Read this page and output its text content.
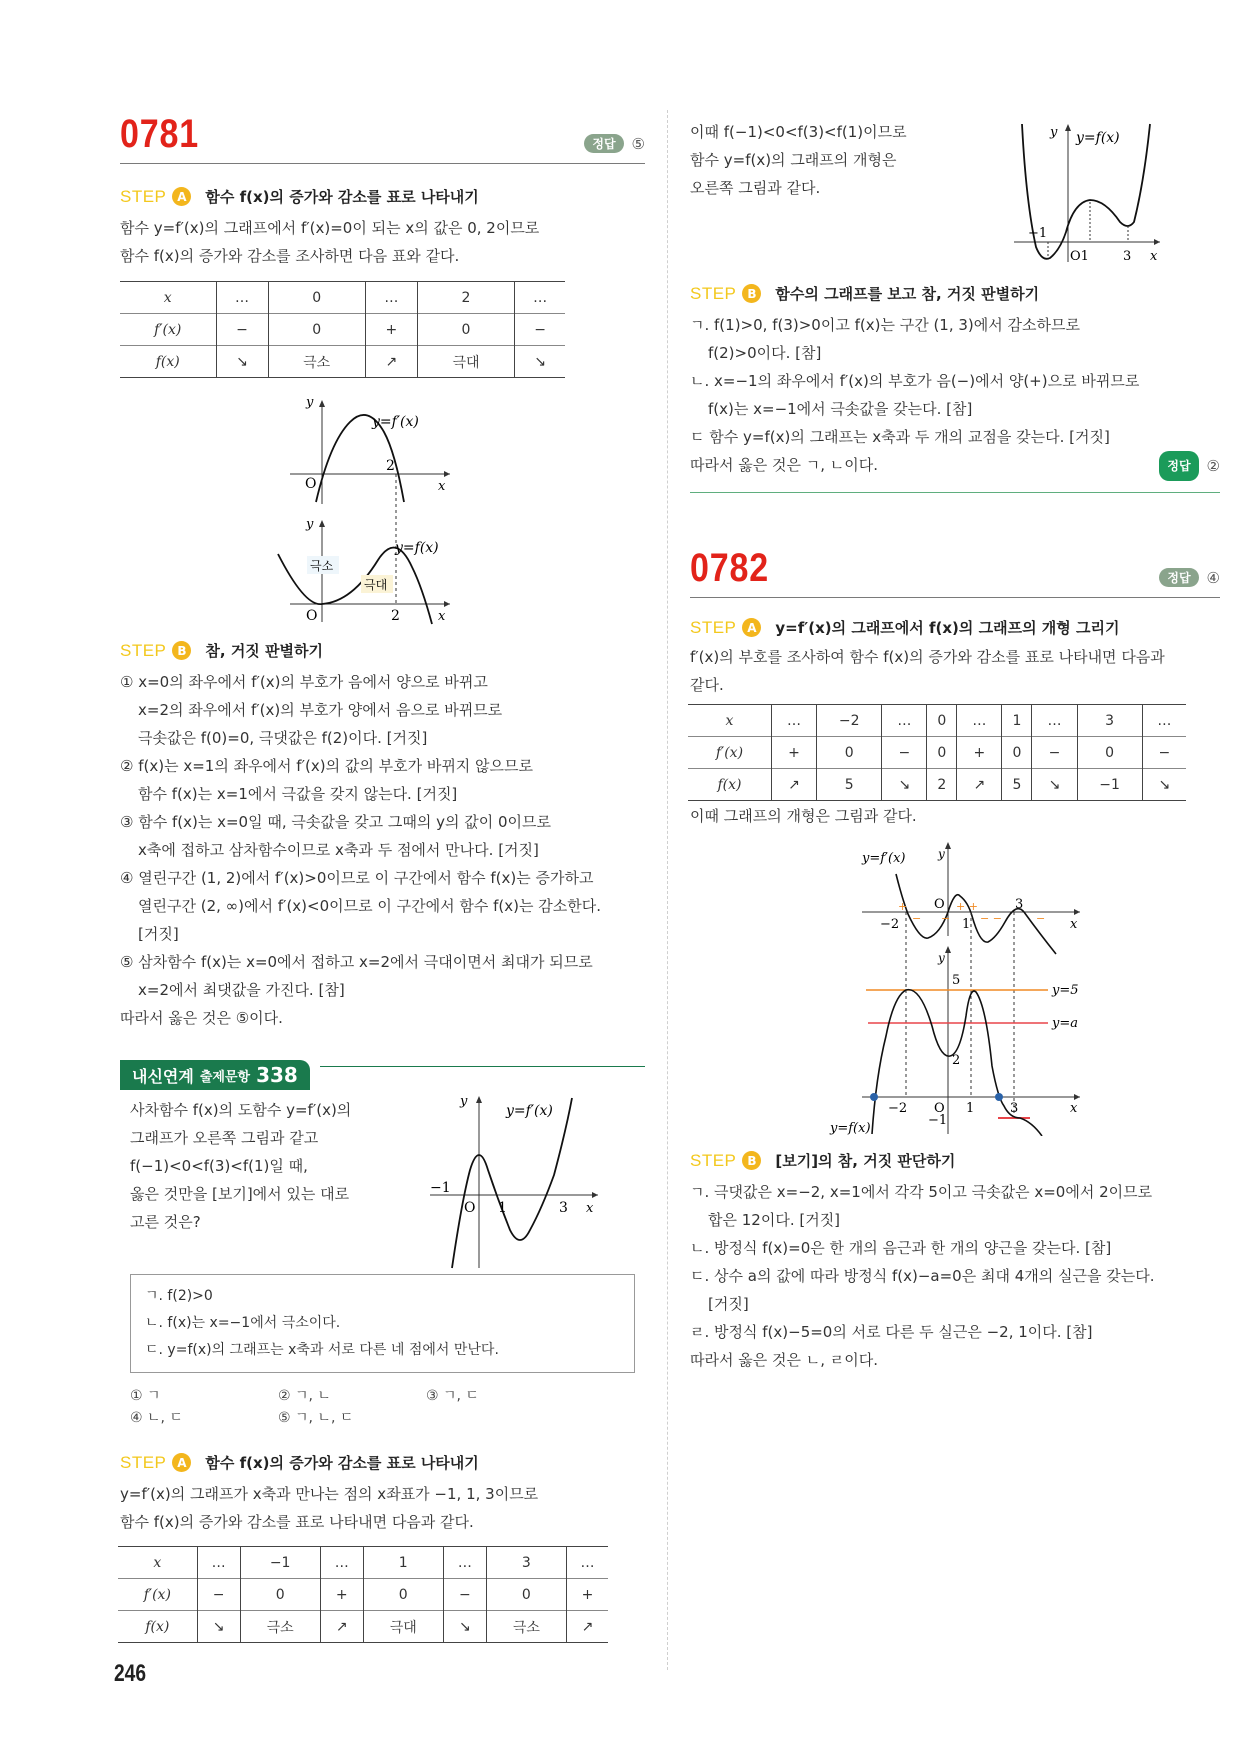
0781	정답	⑤
STEP A	함수 f(x)의 증가와 감소를 표로 나타내기
함수 y=f′(x)의 그래프에서 f′(x)=0이 되는 x의 값은 0, 2이므로
함수 f(x)의 증가와 감소를 조사하면 다음 표와 같다.
x	…	0	…	2	…
f′(x)	−	0	+	0	−
f(x)	↘	극소	↗	극대	↘
y
O
2
x
y=f′(x)
y
극소
극대
y=f(x)
O	2	x
STEP B	참, 거짓 판별하기
① x=0의 좌우에서 f′(x)의 부호가 음에서 양으로 바뀌고
x=2의 좌우에서 f′(x)의 부호가 양에서 음으로 바뀌므로
극솟값은 f(0)=0, 극댓값은 f(2)이다. [거짓]
② f(x)는 x=1의 좌우에서 f′(x)의 값의 부호가 바뀌지 않으므로
함수 f(x)는 x=1에서 극값을 갖지 않는다. [거짓]
③ 함수 f(x)는 x=0일 때, 극솟값을 갖고 그때의 y의 값이 0이므로
x축에 접하고 삼차함수이므로 x축과 두 점에서 만나다. [거짓]
④ 열린구간 (1, 2)에서 f′(x)>0이므로 이 구간에서 함수 f(x)는 증가하고
열린구간 (2, ∞)에서 f′(x)<0이므로 이 구간에서 함수 f(x)는 감소한다.
[거짓]
⑤ 삼차함수 f(x)는 x=0에서 접하고 x=2에서 극대이면서 최대가 되므로
x=2에서 최댓값을 가진다. [참]
따라서 옳은 것은 ⑤이다.
내신연계 출제문항 338
사차함수 f(x)의 도함수 y=f′(x)의
그래프가 오른쪽 그림과 같고
f(−1)<0<f(3)<f(1)일 때,
옳은 것만을 [보기]에서 있는 대로
고른 것은?
y
y=f′(x)
−1
O 1	3 x
ㄱ. f(2)>0
ㄴ. f(x)는 x=−1에서 극소이다.
ㄷ. y=f(x)의 그래프는 x축과 서로 다른 네 점에서 만난다.
① ㄱ	② ㄱ, ㄴ	③ ㄱ, ㄷ
④ ㄴ, ㄷ	⑤ ㄱ, ㄴ, ㄷ
STEP A	함수 f(x)의 증가와 감소를 표로 나타내기
y=f′(x)의 그래프가 x축과 만나는 점의 x좌표가 −1, 1, 3이므로
함수 f(x)의 증가와 감소를 표로 나타내면 다음과 같다.
x	…	−1	…	1	…	3	…
f′(x)	−	0	+	0	−	0	+
f(x)	↘	극소	↗	극대	↘	극소	↗
이때 f(−1)<0<f(3)<f(1)이므로
함수 y=f(x)의 그래프의 개형은
오른쪽 그림과 같다.
y y=f(x)
−1
O1	3 x
STEP B	함수의 그래프를 보고 참, 거짓 판별하기
ㄱ. f(1)>0, f(3)>0이고 f(x)는 구간 (1, 3)에서 감소하므로
f(2)>0이다. [참]
ㄴ. x=−1의 좌우에서 f′(x)의 부호가 음(−)에서 양(+)으로 바뀌므로
f(x)는 x=−1에서 극솟값을 갖는다. [참]
ㄷ 함수 y=f(x)의 그래프는 x축과 두 개의 교점을 갖는다. [거짓]
따라서 옳은 것은 ㄱ, ㄴ이다.	정답	②
0782	정답	④
STEP A	y=f′(x)의 그래프에서 f(x)의 그래프의 개형 그리기
f′(x)의 부호를 조사하여 함수 f(x)의 증가와 감소를 표로 나타내면 다음과
같다.
x	…	−2	…	0	…	1	…	3	…
f′(x)	+	0	−	0	+	0	−	0	−
f(x)	↗	5	↘	2	↗	5	↘	−1	↘
이때 그래프의 개형은 그림과 같다.
y=f′(x)	y
O	3
−2	1	x
+	+ +
− −	− −	−
y
5
2
y=5
y=a
−2 O 1	3
−1
x
y=f(x)
STEP B	[보기]의 참, 거짓 판단하기
ㄱ. 극댓값은 x=−2, x=1에서 각각 5이고 극솟값은 x=0에서 2이므로
합은 12이다. [거짓]
ㄴ. 방정식 f(x)=0은 한 개의 음근과 한 개의 양근을 갖는다. [참]
ㄷ. 상수 a의 값에 따라 방정식 f(x)−a=0은 최대 4개의 실근을 갖는다.
[거짓]
ㄹ. 방정식 f(x)−5=0의 서로 다른 두 실근은 −2, 1이다. [참]
따라서 옳은 것은 ㄴ, ㄹ이다.
246
